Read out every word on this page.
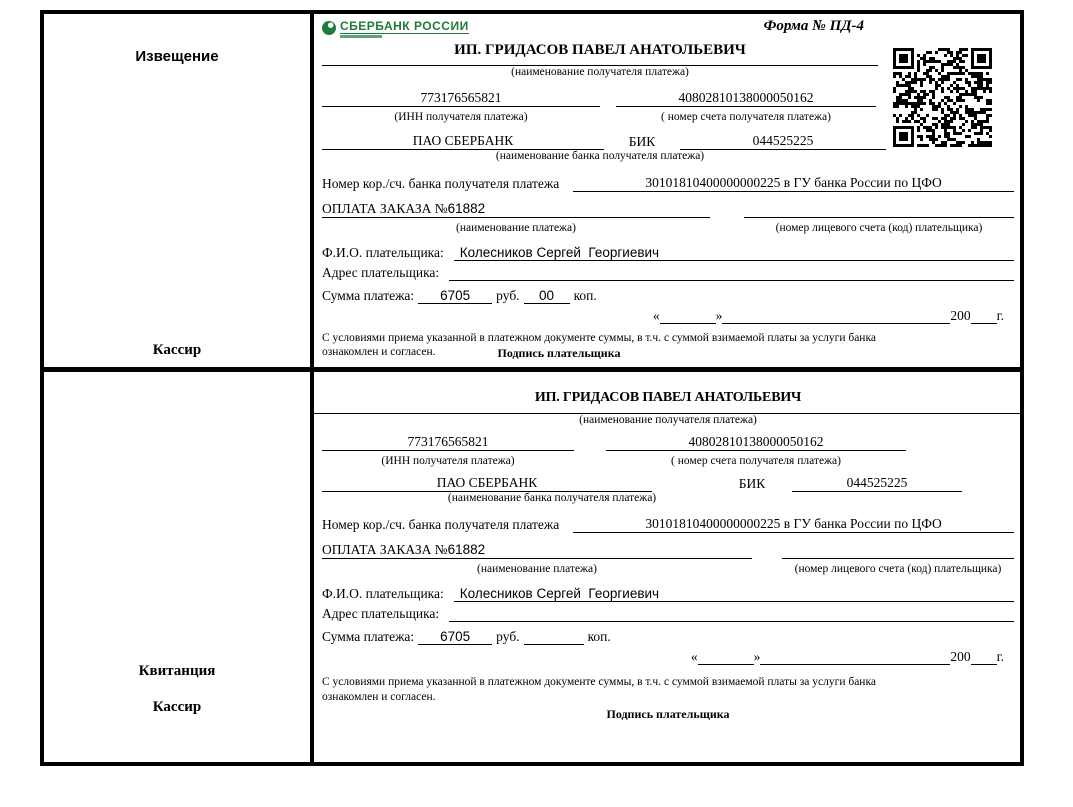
Извещение
Кассир
СБЕРБАНК РОССИИ	Форма № ПД-4
ИП. ГРИДАСОВ ПАВЕЛ АНАТОЛЬЕВИЧ
(наименование получателя платежа)
773176565821	40802810138000050162
(ИНН получателя платежа)	( номер счета получателя платежа)
ПАО СБЕРБАНК	БИК	044525225
(наименование банка получателя платежа)
Номер кор./сч. банка получателя платежа	30101810400000000225 в ГУ банка России по ЦФО
ОПЛАТА ЗАКАЗА №61882
(наименование платежа)	(номер лицевого счета (код) плательщика)
Ф.И.О. плательщика:	Колесников Сергей  Георгиевич
Адрес плательщика:
Сумма платежа:	6705	руб.	00	коп.
«	»	200 г.
С условиями приема указанной в платежном документе суммы, в т.ч. с суммой взимаемой платы за услуги банка
ознакомлен и согласен.	Подпись плательщика
Квитанция
Кассир
ИП. ГРИДАСОВ ПАВЕЛ АНАТОЛЬЕВИЧ
(наименование получателя платежа)
773176565821	40802810138000050162
(ИНН получателя платежа)	( номер счета получателя платежа)
ПАО СБЕРБАНК	БИК	044525225
(наименование банка получателя платежа)
Номер кор./сч. банка получателя платежа	30101810400000000225 в ГУ банка России по ЦФО
ОПЛАТА ЗАКАЗА №61882
(наименование платежа)	(номер лицевого счета (код) плательщика)
Ф.И.О. плательщика:	Колесников Сергей  Георгиевич
Адрес плательщика:
Сумма платежа:	6705	руб.	коп.
«	»	200 г.
С условиями приема указанной в платежном документе суммы, в т.ч. с суммой взимаемой платы за услуги банка
ознакомлен и согласен.
Подпись плательщика
